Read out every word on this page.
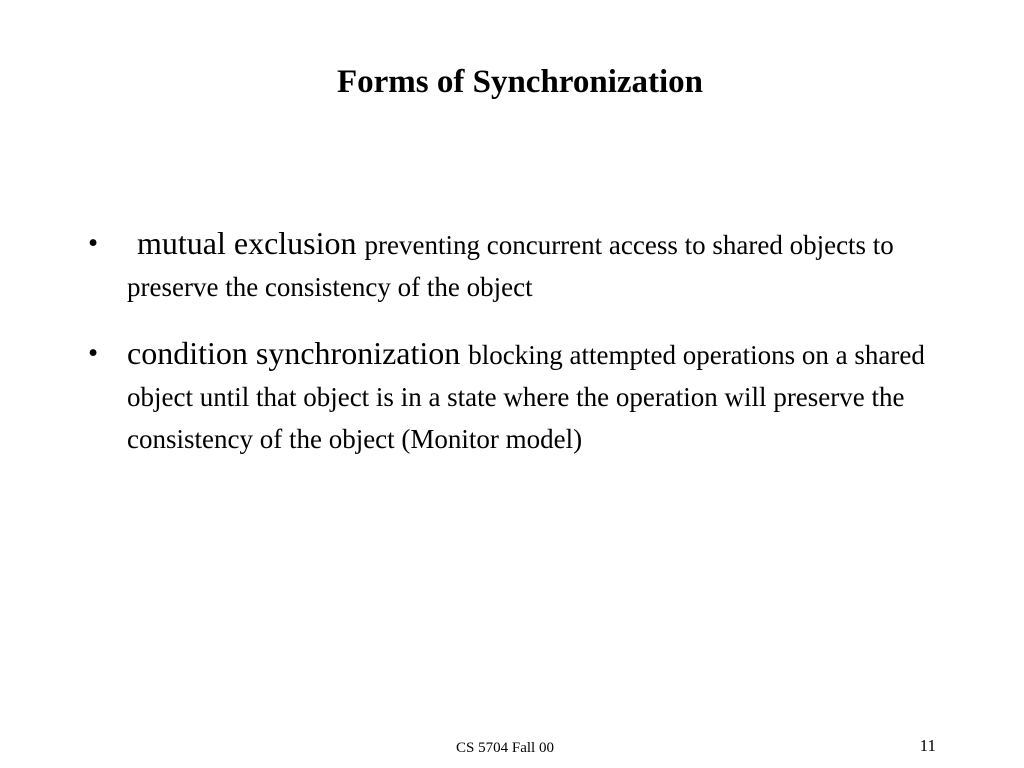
Forms of Synchronization
•	mutual exclusion preventing concurrent access to shared objects to preserve the consistency of the object
• condition synchronization blocking attempted operations on a shared object until that object is in a state where the operation will preserve the consistency of the object (Monitor model)
CS 5704 Fall 00	11
